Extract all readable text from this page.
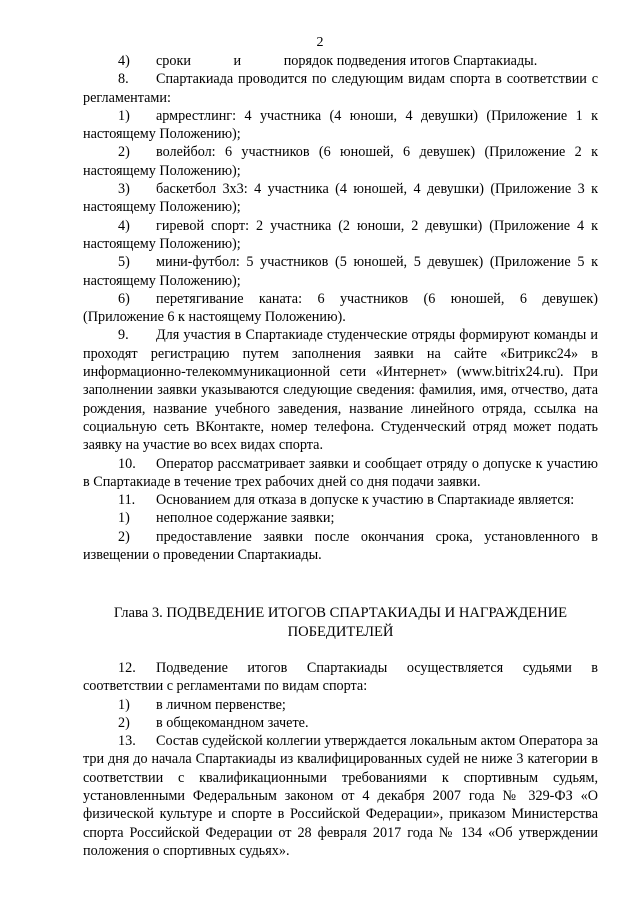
2

4) сроки   и   порядок подведения итогов Спартакиады.

8. Спартакиада проводится по следующим видам спорта в соответствии с регламентами:

1) армрестлинг: 4 участника (4 юноши, 4 девушки) (Приложение 1 к настоящему Положению);

2) волейбол: 6 участников (6 юношей, 6 девушек) (Приложение 2 к настоящему Положению);

3) баскетбол 3х3: 4 участника (4 юношей, 4 девушки) (Приложение 3 к настоящему Положению);

4) гиревой спорт: 2 участника (2 юноши, 2 девушки) (Приложение 4 к настоящему Положению);

5) мини-футбол: 5 участников (5 юношей, 5 девушек) (Приложение 5 к настоящему Положению);

6) перетягивание каната: 6 участников (6 юношей, 6 девушек) (Приложение 6 к настоящему Положению).

9. Для участия в Спартакиаде студенческие отряды формируют команды и проходят регистрацию путем заполнения заявки на сайте «Битрикс24» в информационно-телекоммуникационной сети «Интернет» (www.bitrix24.ru). При заполнении заявки указываются следующие сведения: фамилия, имя, отчество, дата рождения, название учебного заведения, название линейного отряда, ссылка на социальную сеть ВКонтакте, номер телефона. Студенческий отряд может подать заявку на участие во всех видах спорта.

10. Оператор рассматривает заявки и сообщает отряду о допуске к участию в Спартакиаде в течение трех рабочих дней со дня подачи заявки.

11. Основанием для отказа в допуске к участию в Спартакиаде является:

1) неполное содержание заявки;

2) предоставление заявки после окончания срока, установленного в извещении о проведении Спартакиады.

Глава 3. ПОДВЕДЕНИЕ ИТОГОВ СПАРТАКИАДЫ И НАГРАЖДЕНИЕ ПОБЕДИТЕЛЕЙ

12. Подведение итогов Спартакиады осуществляется судьями в соответствии с регламентами по видам спорта:

1) в личном первенстве;

2) в общекомандном зачете.

13. Состав судейской коллегии утверждается локальным актом Оператора за три дня до начала Спартакиады из квалифицированных судей не ниже 3 категории в соответствии с квалификационными требованиями к спортивным судьям, установленными Федеральным законом от 4 декабря 2007 года № 329-ФЗ «О физической культуре и спорте в Российской Федерации», приказом Министерства спорта Российской Федерации от 28 февраля 2017 года № 134 «Об утверждении положения о спортивных судьях».
